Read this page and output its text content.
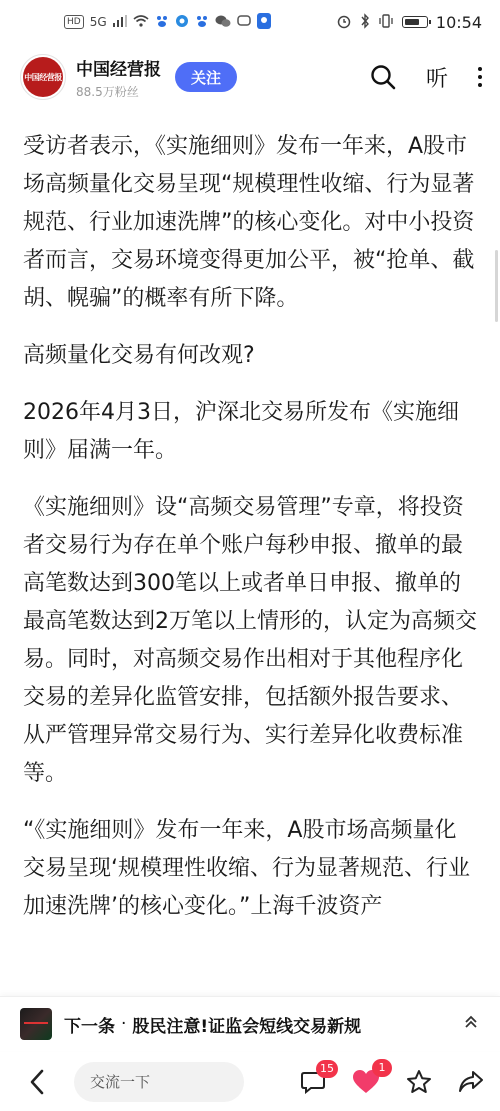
HD 5G	10:54
中国经营报 中国经营报
88.5万粉丝
关注	听

受访者表示，《实施细则》发布一年来，A股市场高频量化交易呈现“规模理性收缩、行为显著规范、行业加速洗牌”的核心变化。对中小投资者而言，交易环境变得更加公平，被“抢单、截胡、幌骗”的概率有所下降。

高频量化交易有何改观?

2026年4月3日，沪深北交易所发布《实施细则》届满一年。

《实施细则》设“高频交易管理”专章，将投资者交易行为存在单个账户每秒申报、撤单的最高笔数达到300笔以上或者单日申报、撤单的最高笔数达到2万笔以上情形的，认定为高频交易。同时，对高频交易作出相对于其他程序化交易的差异化监管安排，包括额外报告要求、从严管理异常交易行为、实行差异化收费标准等。

“《实施细则》发布一年来，A股市场高频量化交易呈现‘规模理性收缩、行为显著规范、行业加速洗牌’的核心变化。”上海千波资产

下一条 · 股民注意!证监会短线交易新规
交流一下
15	1
